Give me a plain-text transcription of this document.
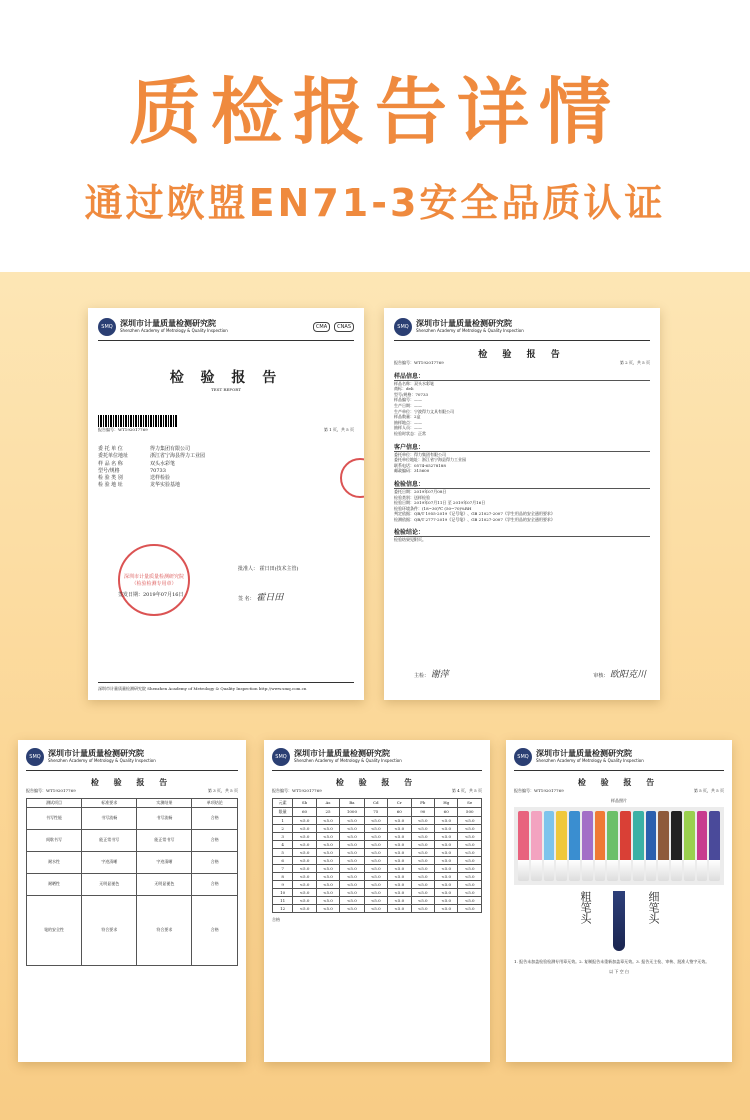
质检报告详情
通过欧盟EN71-3安全品质认证
SMQ 深圳市计量质量检测研究院
Shenzhen Academy of Metrology & Quality Inspection
CMA	CNAS
检 验 报 告
TEST REPORT
报告编号：WT192017769	第 1 页，共 5 页
委 托 单 位	得力集团有限公司
委托单位地址	浙江省宁海县得力工业园
样 品 名 称	双头水彩笔
型号/规格	70733
检 验 类 别	送样检验
检 验 地 址	龙华实验基地
深圳市计量质量检测研究院（检验检测专用章）
批准人： 霍日田(技术主管)
签发日期：2019年07月16日
签 名： 霍日田
深圳市计量质量检测研究院 Shenzhen Academy of Metrology & Quality Inspection http://www.smq.com.cn
SMQ 深圳市计量质量检测研究院
Shenzhen Academy of Metrology & Quality Inspection
检 验 报 告
报告编号：WT192017769	第 2 页，共 5 页
样品信息：
样品名称：双头水彩笔
商标：deli
型号/规格：70733
样品编号：——
生产日期：——
生产单位：宁波得力文具有限公司
样品数量：2盒
抽样地点：——
抽样人员：——
检验时状态：正常
客户信息：
委托单位：得力集团有限公司
委托单位地址：浙江省宁海县得力工业园
联系电话：0574-65278188
邮政编码：315600
检验信息：
委托日期：2019年07月08日
检验类别：送样检验
检验日期：2019年07月11日 至 2019年07月16日
检验环境条件：(18~30)℃ (50~70)%RH
判定依据：QB/T 1955-2019《记号笔》、GB 21027-2007《学生用品的安全通用要求》
检测依据：QB/T 2777-2019《记号笔》、GB 21027-2007《学生用品的安全通用要求》
检验结论：
检验结果见附页。
主检： 谢萍	审核： 欧阳克川
SMQ 深圳市计量质量检测研究院
Shenzhen Academy of Metrology & Quality Inspection
检 验 报 告
报告编号：WT192017769	第 3 页，共 5 页
测试项目	标准要求	实测结果	单项结论
书写性能	书写流畅	书写流畅	合格
间歇书写	能正常书写	能正常书写	合格
耐水性	字迹清晰	字迹清晰	合格
耐晒性	无明显褪色	无明显褪色	合格
笔的安全性	符合要求	符合要求	合格
SMQ 深圳市计量质量检测研究院
Shenzhen Academy of Metrology & Quality Inspection
检 验 报 告
报告编号：WT192017769	第 4 页，共 5 页
元素	Sb	As	Ba	Cd	Cr	Pb	Hg	Se
限量	60	25	1000	75	60	90	60	500
1	<5.0	<5.0	<5.0	<5.0	<5.0	<5.0	<5.0	<5.0
2	<5.0	<5.0	<5.0	<5.0	<5.0	<5.0	<5.0	<5.0
3	<5.0	<5.0	<5.0	<5.0	<5.0	<5.0	<5.0	<5.0
4	<5.0	<5.0	<5.0	<5.0	<5.0	<5.0	<5.0	<5.0
5	<5.0	<5.0	<5.0	<5.0	<5.0	<5.0	<5.0	<5.0
6	<5.0	<5.0	<5.0	<5.0	<5.0	<5.0	<5.0	<5.0
7	<5.0	<5.0	<5.0	<5.0	<5.0	<5.0	<5.0	<5.0
8	<5.0	<5.0	<5.0	<5.0	<5.0	<5.0	<5.0	<5.0
9	<5.0	<5.0	<5.0	<5.0	<5.0	<5.0	<5.0	<5.0
10	<5.0	<5.0	<5.0	<5.0	<5.0	<5.0	<5.0	<5.0
11	<5.0	<5.0	<5.0	<5.0	<5.0	<5.0	<5.0	<5.0
12	<5.0	<5.0	<5.0	<5.0	<5.0	<5.0	<5.0	<5.0
合格
SMQ 深圳市计量质量检测研究院
Shenzhen Academy of Metrology & Quality Inspection
检 验 报 告
报告编号：WT192017769	第 5 页，共 5 页
样品照片
粗笔头	细笔头
1. 报告未加盖检验检测专用章无效。2. 复制报告未重新加盖章无效。3. 报告无主检、审核、批准人签字无效。
以 下 空 白
